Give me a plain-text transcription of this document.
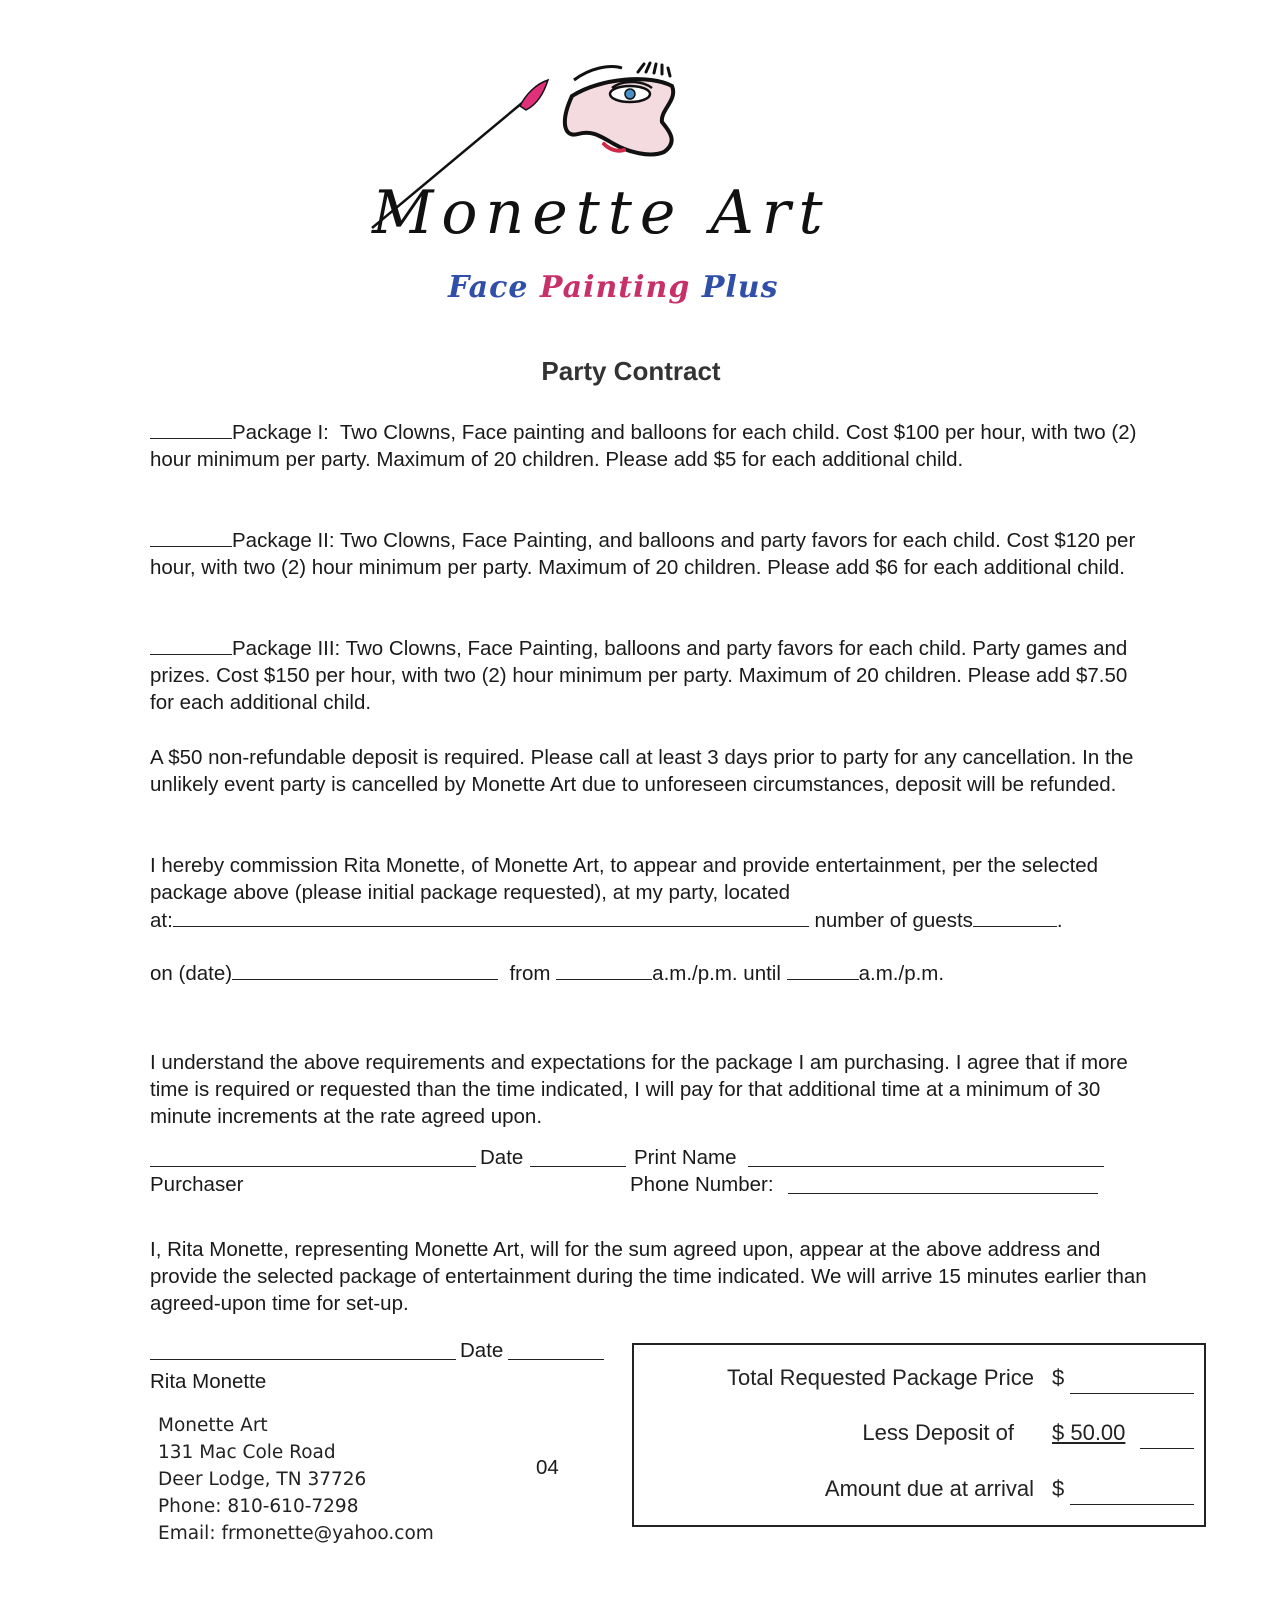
Monette Art
Face Painting Plus
Party Contract
Package I: Two Clowns, Face painting and balloons for each child. Cost $100 per hour, with two (2) hour minimum per party. Maximum of 20 children. Please add $5 for each additional child.
Package II: Two Clowns, Face Painting, and balloons and party favors for each child. Cost $120 per hour, with two (2) hour minimum per party. Maximum of 20 children. Please add $6 for each additional child.
Package III: Two Clowns, Face Painting, balloons and party favors for each child. Party games and prizes. Cost $150 per hour, with two (2) hour minimum per party. Maximum of 20 children. Please add $7.50 for each additional child.
A $50 non-refundable deposit is required. Please call at least 3 days prior to party for any cancellation. In the unlikely event party is cancelled by Monette Art due to unforeseen circumstances, deposit will be refunded.
I hereby commission Rita Monette, of Monette Art, to appear and provide entertainment, per the selected package above (please initial package requested), at my party, located
at:	number of guests	.
on (date)	from	a.m./p.m. until	a.m./p.m.
I understand the above requirements and expectations for the package I am purchasing. I agree that if more time is required or requested than the time indicated, I will pay for that additional time at a minimum of 30 minute increments at the rate agreed upon.
Date	Print Name
Purchaser	Phone Number:
I, Rita Monette, representing Monette Art, will for the sum agreed upon, appear at the above address and provide the selected package of entertainment during the time indicated. We will arrive 15 minutes earlier than agreed-upon time for set-up.
Date
Rita Monette
Monette Art
131 Mac Cole Road
Deer Lodge, TN 37726
Phone: 810-610-7298
Email: frmonette@yahoo.com
04
Total Requested Package Price $
Less Deposit of $ 50.00
Amount due at arrival $
